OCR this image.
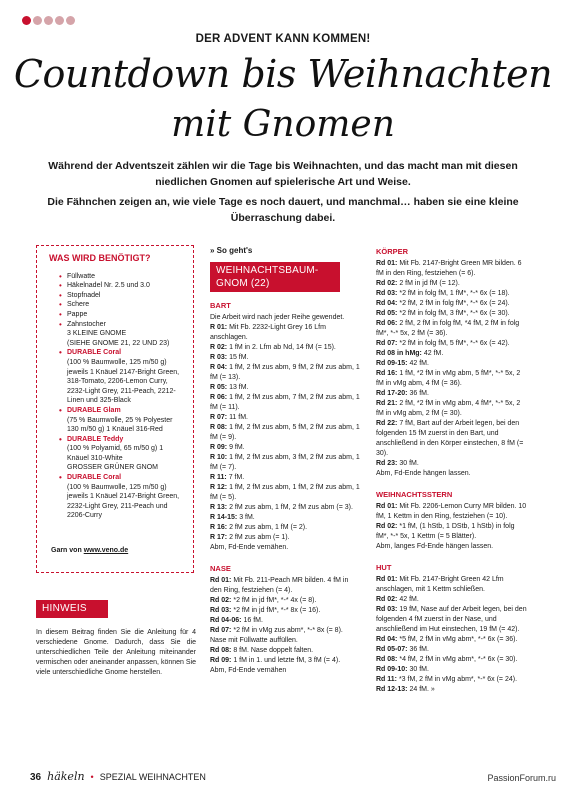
DER ADVENT KANN KOMMEN!
Countdown bis Weihnachten
mit Gnomen

Während der Adventszeit zählen wir die Tage bis Weihnachten, und das macht man mit diesen niedlichen Gnomen auf spielerische Art und Weise.

Die Fähnchen zeigen an, wie viele Tage es noch dauert, und manchmal… haben sie eine kleine Überraschung dabei.

WAS WIRD BENÖTIGT?
• Füllwatte
• Häkelnadel Nr. 2.5 und 3.0
• Stopfnadel
• Schere
• Pappe
• Zahnstocher
3 KLEINE GNOME
(SIEHE GNOME 21, 22 UND 23)
• DURABLE Coral
(100 % Baumwolle, 125 m/50 g) jeweils 1 Knäuel 2147-Bright Green, 318-Tomato, 2206-Lemon Curry, 2232-Light Grey, 211-Peach, 2212-Linen und 325-Black
• DURABLE Glam
(75 % Baumwolle, 25 % Polyester 130 m/50 g) 1 Knäuel 316-Red
• DURABLE Teddy
(100 % Polyamid, 65 m/50 g) 1 Knäuel 310-White
GROSSER GRÜNER GNOM
• DURABLE Coral
(100 % Baumwolle, 125 m/50 g) jeweils 1 Knäuel 2147-Bright Green, 2232-Light Grey, 211-Peach und 2206-Curry
Garn von www.veno.de
HINWEIS
In diesem Beitrag finden Sie die Anleitung für 4 verschiedene Gnome. Dadurch, dass Sie die unterschiedlichen Teile der Anleitung miteinander vermischen oder aneinander anpassen, können Sie viele unterschiedliche Gnome herstellen.
» So geht's
WEIHNACHTSBAUM-GNOM (22)
BART

Die Arbeit wird nach jeder Reihe gewendet.

R 01: Mit Fb. 2232-Light Grey 16 Lfm anschlagen.

R 02: 1 fM in 2. Lfm ab Nd, 14 fM (= 15).

R 03: 15 fM.

R 04: 1 fM, 2 fM zus abm, 9 fM, 2 fM zus abm, 1 fM (= 13).

R 05: 13 fM.

R 06: 1 fM, 2 fM zus abm, 7 fM, 2 fM zus abm, 1 fM (= 11).

R 07: 11 fM.

R 08: 1 fM, 2 fM zus abm, 5 fM, 2 fM zus abm, 1 fM (= 9).

R 09: 9 fM.

R 10: 1 fM, 2 fM zus abm, 3 fM, 2 fM zus abm, 1 fM (= 7).

R 11: 7 fM.

R 12: 1 fM, 2 fM zus abm, 1 fM, 2 fM zus abm, 1 fM (= 5).

R 13: 2 fM zus abm, 1 fM, 2 fM zus abm (= 3).

R 14-15: 3 fM.

R 16: 2 fM zus abm, 1 fM (= 2).

R 17: 2 fM zus abm (= 1).

Abm, Fd-Ende vernähen.

NASE

Rd 01: Mit Fb. 211-Peach MR bilden. 4 fM in den Ring, festziehen (= 4).

Rd 02: *2 fM in jd fM*, *-* 4x (= 8).

Rd 03: *2 fM in jd fM*, *-* 8x (= 16).

Rd 04-06: 16 fM.

Rd 07: *2 fM in vMg zus abm*, *-* 8x (= 8).

Nase mit Füllwatte auffüllen.

Rd 08: 8 fM. Nase doppelt falten.

Rd 09: 1 fM in 1. und letzte fM, 3 fM (= 4).

Abm, Fd-Ende vernähen

KÖRPER

Rd 01: Mit Fb. 2147-Bright Green MR bilden. 6 fM in den Ring, festziehen (= 6).

Rd 02: 2 fM in jd fM (= 12).

Rd 03: *2 fM in folg fM, 1 fM*, *-* 6x (= 18).

Rd 04: *2 fM, 2 fM in folg fM*, *-* 6x (= 24).

Rd 05: *2 fM in folg fM, 3 fM*, *-* 6x (= 30).

Rd 06: 2 fM, 2 fM in folg fM, *4 fM, 2 fM in folg fM*, *-* 5x, 2 fM (= 36).

Rd 07: *2 fM in folg fM, 5 fM*, *-* 6x (= 42).

Rd 08 in hMg: 42 fM.

Rd 09-15: 42 fM.

Rd 16: 1 fM, *2 fM in vMg abm, 5 fM*, *-* 5x, 2 fM in vMg abm, 4 fM (= 36).

Rd 17-20: 36 fM.

Rd 21: 2 fM, *2 fM in vMg abm, 4 fM*, *-* 5x, 2 fM in vMg abm, 2 fM (= 30).

Rd 22: 7 fM, Bart auf der Arbeit legen, bei den folgenden 15 fM zuerst in den Bart, und anschließend in den Körper einstechen, 8 fM (= 30).

Rd 23: 30 fM.

Abm, Fd-Ende hängen lassen.

WEIHNACHTSSTERN

Rd 01: Mit Fb. 2206-Lemon Curry MR bilden. 10 fM, 1 Kettm in den Ring, festziehen (= 10).

Rd 02: *1 fM, (1 hStb, 1 DStb, 1 hStb) in folg fM*, *-* 5x, 1 Kettm (= 5 Blätter).

Abm, langes Fd-Ende hängen lassen.

HUT

Rd 01: Mit Fb. 2147-Bright Green 42 Lfm anschlagen, mit 1 Kettm schließen.

Rd 02: 42 fM.

Rd 03: 19 fM, Nase auf der Arbeit legen, bei den folgenden 4 fM zuerst in der Nase, und anschließend im Hut einstechen, 19 fM (= 42).

Rd 04: *5 fM, 2 fM in vMg abm*, *-* 6x (= 36).

Rd 05-07: 36 fM.

Rd 08: *4 fM, 2 fM in vMg abm*, *-* 6x (= 30).

Rd 09-10: 30 fM.

Rd 11: *3 fM, 2 fM in vMg abm*, *-* 6x (= 24).

Rd 12-13: 24 fM. »

36 häkeln • SPEZIAL WEIHNACHTEN	PassionForum.ru
